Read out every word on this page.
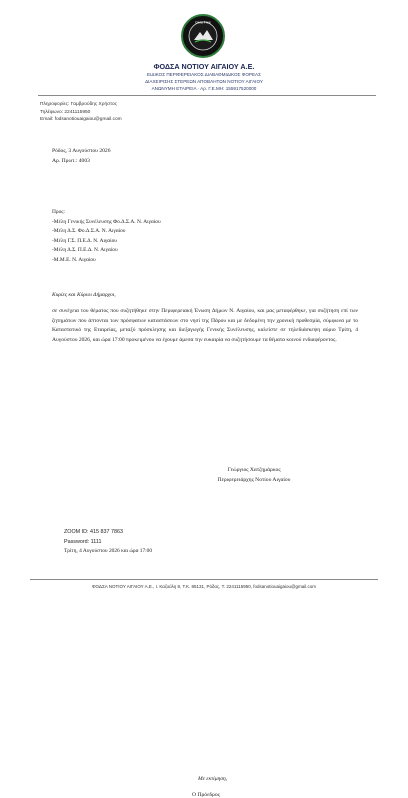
Gela Tree
ΦΟΔΣΑ ΝΟΤΙΟΥ ΑΙΓΑΙΟΥ Α.Ε.
ΕΙΔΙΚΟΣ ΠΕΡΙΦΕΡΕΙΑΚΟΣ ΔΙΑΒΑΘΜΙΔΙΚΟΣ ΦΟΡΕΑΣ
ΔΙΑΧΕΙΡΙΣΗΣ ΣΤΕΡΕΩΝ ΑΠΟΒΛΗΤΩΝ ΝΟΤΙΟΥ ΑΙΓΑΙΟΥ
ΑΝΩΝΥΜΗ ΕΤΑΙΡΕΙΑ · Αρ. Γ.Ε.ΜΗ: 155917520000
Πληροφορίες: Γαμβρούδης Χρήστος
Τηλέφωνο: 2241115950
Email: fodsanotiouaigaiou@gmail.com
Ρόδος, 3 Αυγούστου 2026
Αρ. Πρωτ.: 4003
Προς:
-Μέλη Γενικής Συνέλευσης Φο.Δ.Σ.Α. Ν. Αιγαίου
-Μέλη Δ.Σ. Φο.Δ.Σ.Α. Ν. Αιγαίου
-Μέλη Γ.Σ. Π.Ε.Δ. Ν. Αιγαίου
-Μέλη Δ.Σ. Π.Ε.Δ. Ν. Αιγαίου
-Μ.Μ.Ε. Ν. Αιγαίου
Κυρίες και Κύριοι Δήμαρχοι,
σε συνέχεια του θέματος που συζητήθηκε στην Περιφερειακή Ένωση Δήμων Ν. Αιγαίου, και μας μεταφέρθηκε, για συζήτηση επί των ζητημάτων που άπτονται των πρόσφατων καταστάσεων στο νησί της Πάρου και με δεδομένη την χρονική προθεσμία, σύμφωνα με το Καταστατικό της Εταιρείας, μεταξύ πρόσκλησης και διεξαγωγής Γενικής Συνέλευσης, καλείστε σε τηλεδιάσκεψη αύριο Τρίτη, 4 Αυγούστου 2026, και ώρα 17:00 προκειμένου να έχουμε άμεσα την ευκαιρία να συζητήσουμε τα θέματα κοινού ενδιαφέροντος.
Με εκτίμηση,
Ο Πρόεδρος
Γεώργιος Χατζημάρκος
Περιφερειάρχης Νοτίου Αιγαίου
ZOOM ID: 415 837 7863
Password: 1111
Τρίτη, 4 Αυγούστου 2026 και ώρα 17:00
ΦΟΔΣΑ ΝΟΤΙΟΥ ΑΙΓΑΙΟΥ Α.Ε., Ι. Καζούλη 8, Τ.Κ. 85131, Ρόδος, Τ. 2241115950, fodsanotiouaigaiou@gmail.com
